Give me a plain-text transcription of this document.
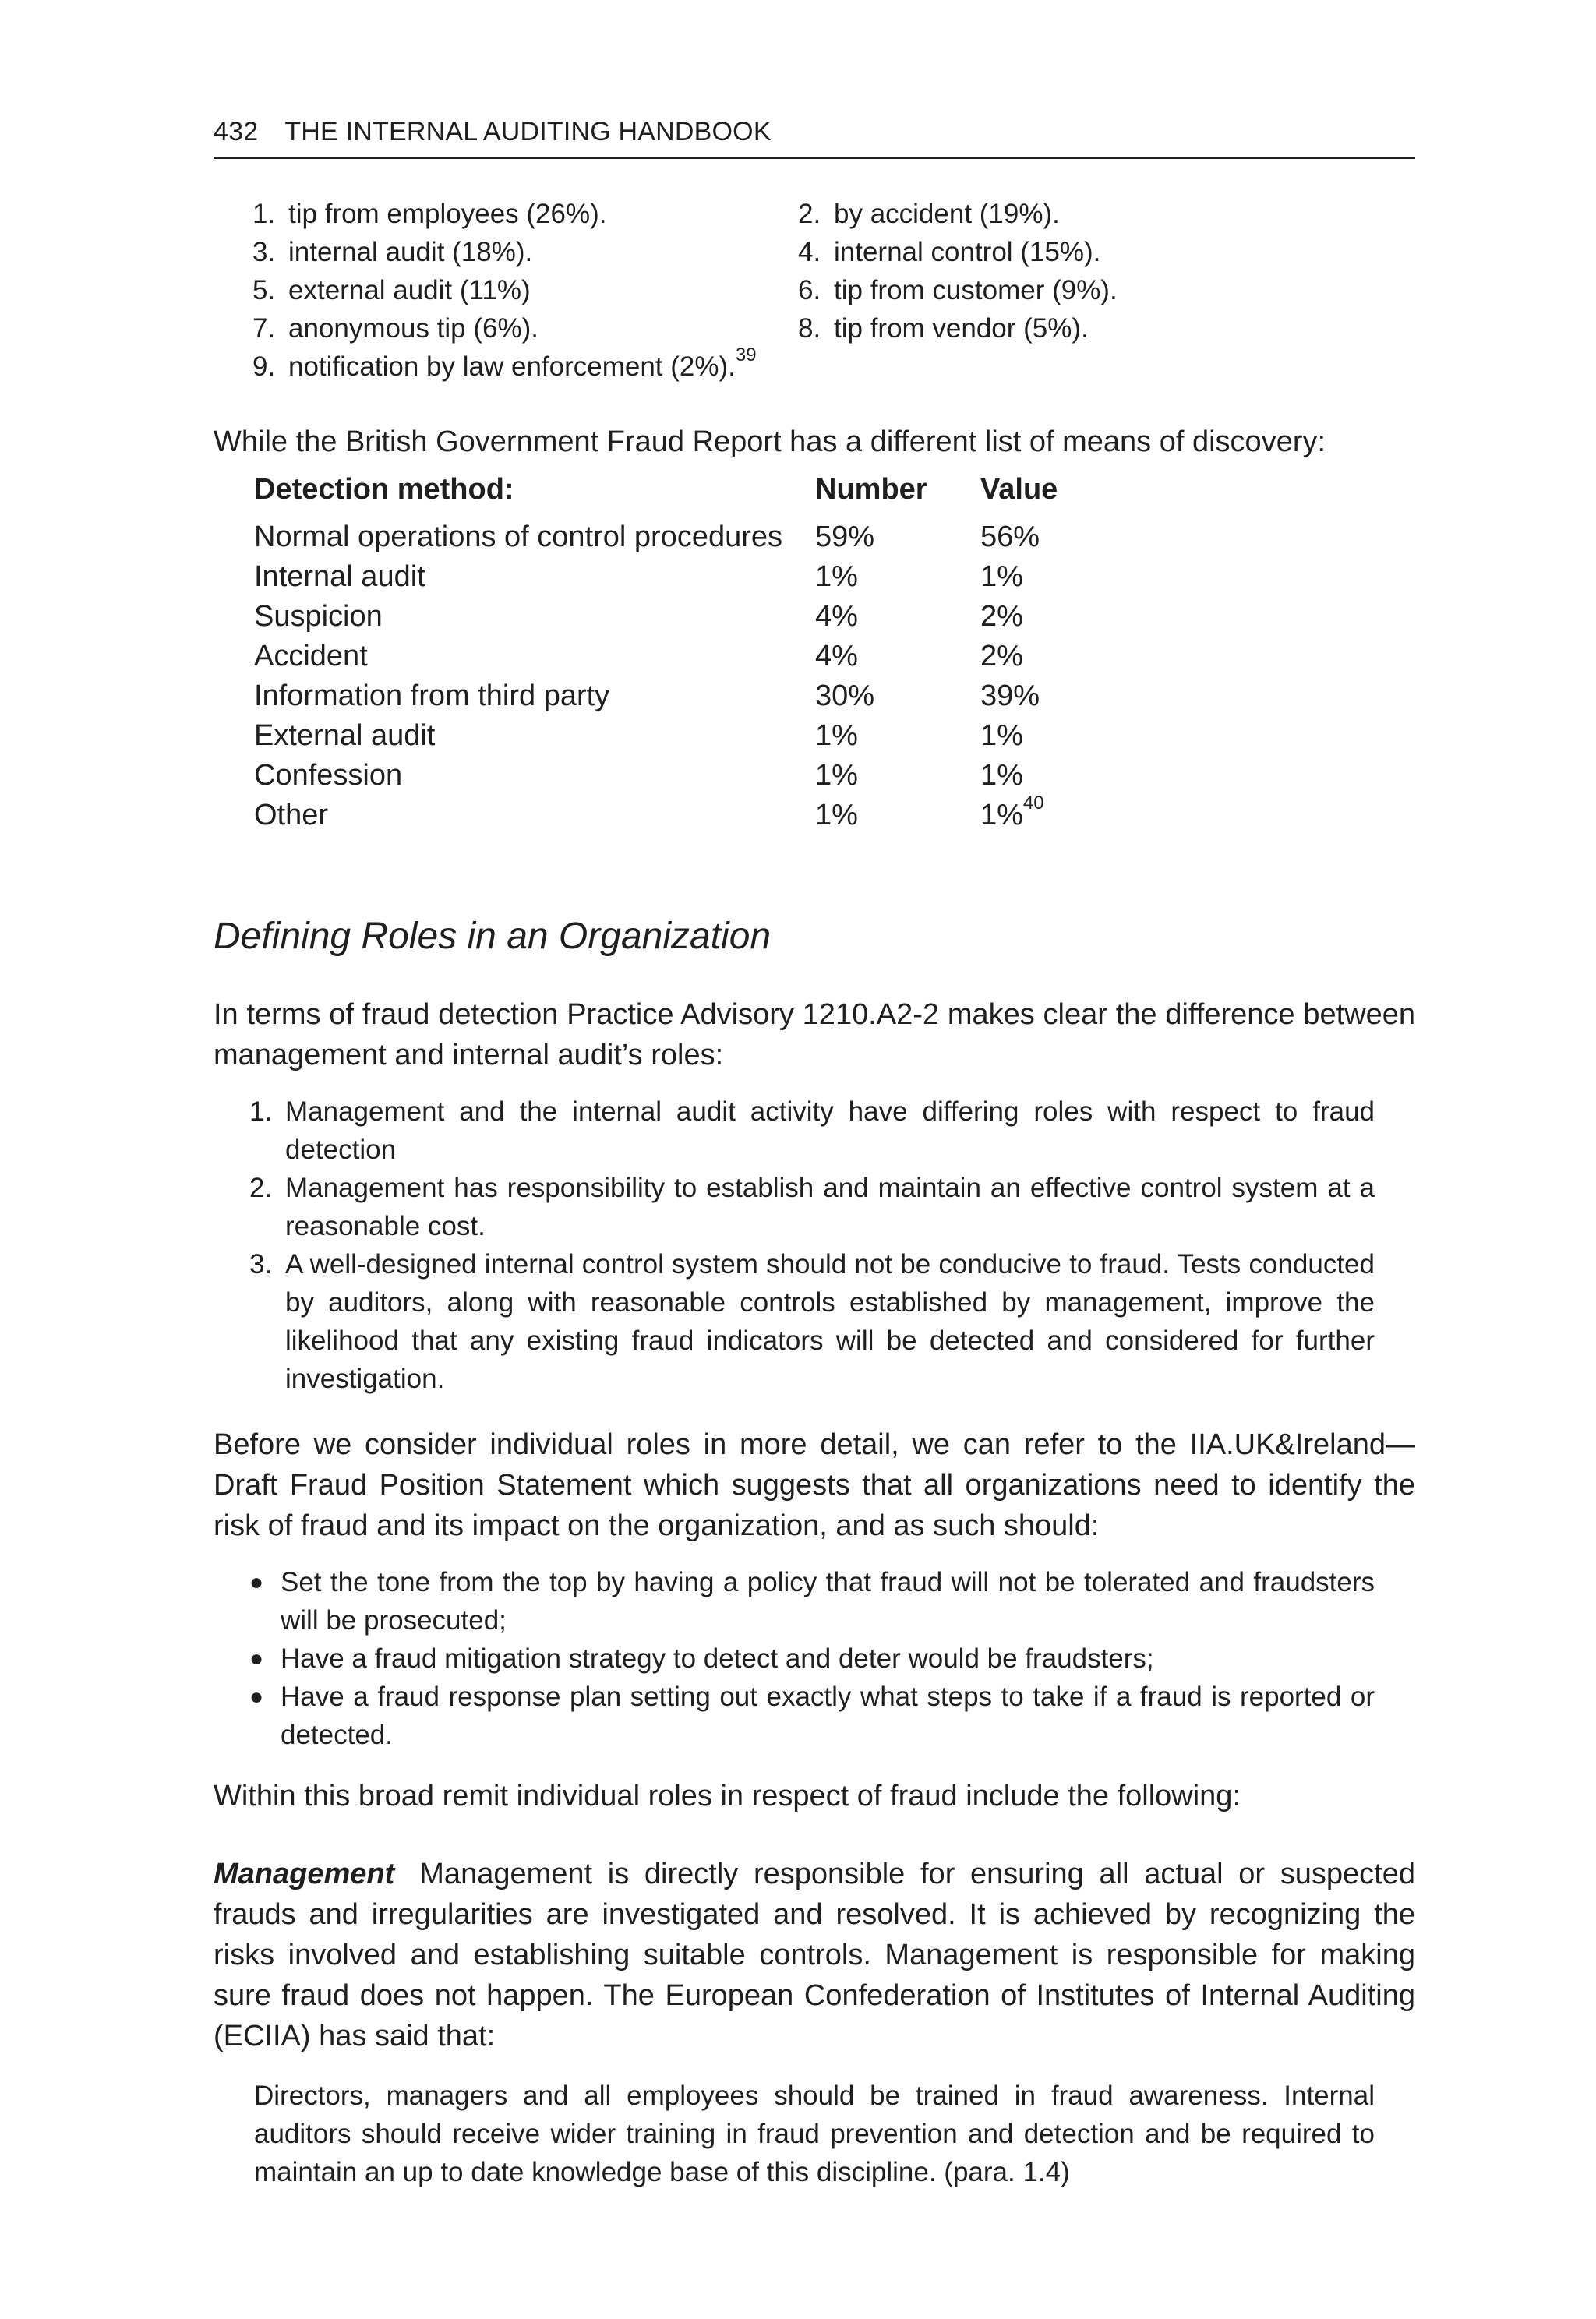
432 THE INTERNAL AUDITING HANDBOOK
1. tip from employees (26%).	2. by accident (19%).
3. internal audit (18%).	4. internal control (15%).
5. external audit (11%)	6. tip from customer (9%).
7. anonymous tip (6%).	8. tip from vendor (5%).
9. notification by law enforcement (2%).$^{39}$
While the British Government Fraud Report has a different list of means of discovery:
Detection method:	Number	Value
Normal operations of control procedures	59%	56%
Internal audit	1%	1%
Suspicion	4%	2%
Accident	4%	2%
Information from third party	30%	39%
External audit	1%	1%
Confession	1%	1%
Other	1%	1%$^{40}$
Defining Roles in an Organization
In terms of fraud detection Practice Advisory 1210.A2-2 makes clear the difference between management and internal audit’s roles:
1. Management and the internal audit activity have differing roles with respect to fraud detection
2. Management has responsibility to establish and maintain an effective control system at a reasonable cost.
3. A well-designed internal control system should not be conducive to fraud. Tests conducted by auditors, along with reasonable controls established by management, improve the likelihood that any existing fraud indicators will be detected and considered for further investigation.
Before we consider individual roles in more detail, we can refer to the IIA.UK&Ireland—Draft Fraud Position Statement which suggests that all organizations need to identify the risk of fraud and its impact on the organization, and as such should:
● Set the tone from the top by having a policy that fraud will not be tolerated and fraudsters will be prosecuted;
● Have a fraud mitigation strategy to detect and deter would be fraudsters;
● Have a fraud response plan setting out exactly what steps to take if a fraud is reported or detected.
Within this broad remit individual roles in respect of fraud include the following:
Management Management is directly responsible for ensuring all actual or suspected frauds and irregularities are investigated and resolved. It is achieved by recognizing the risks involved and establishing suitable controls. Management is responsible for making sure fraud does not happen. The European Confederation of Institutes of Internal Auditing (ECIIA) has said that:
Directors, managers and all employees should be trained in fraud awareness. Internal auditors should receive wider training in fraud prevention and detection and be required to maintain an up to date knowledge base of this discipline. (para. 1.4)
